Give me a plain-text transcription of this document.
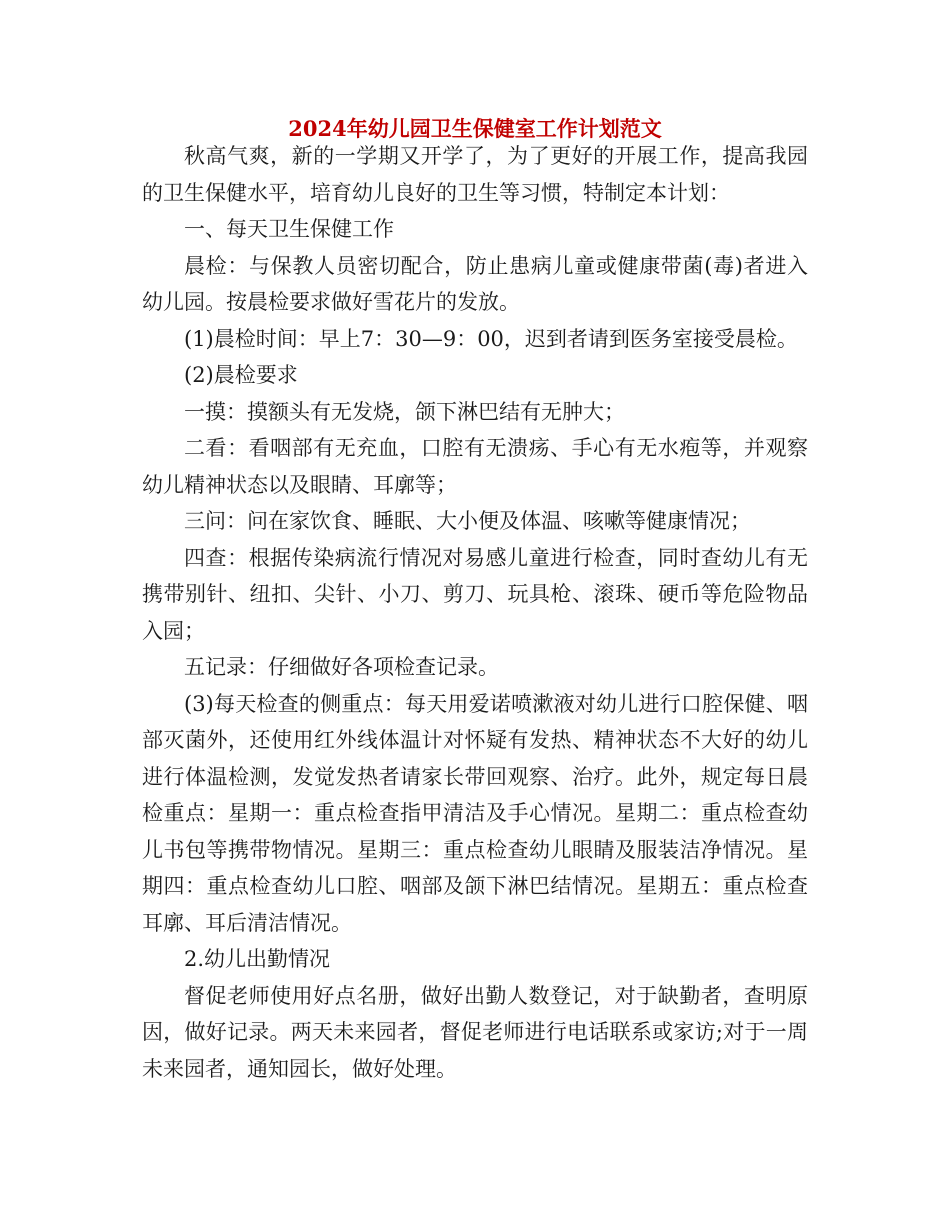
2024年幼儿园卫生保健室工作计划范文

秋高气爽，新的一学期又开学了，为了更好的开展工作，提高我园的卫生保健水平，培育幼儿良好的卫生等习惯，特制定本计划：

一、每天卫生保健工作

晨检：与保教人员密切配合，防止患病儿童或健康带菌(毒)者进入幼儿园。按晨检要求做好雪花片的发放。

(1)晨检时间：早上7：30—9：00，迟到者请到医务室接受晨检。

(2)晨检要求

一摸：摸额头有无发烧，颌下淋巴结有无肿大；

二看：看咽部有无充血，口腔有无溃疡、手心有无水疱等，并观察幼儿精神状态以及眼睛、耳廓等；

三问：问在家饮食、睡眠、大小便及体温、咳嗽等健康情况；

四查：根据传染病流行情况对易感儿童进行检查，同时查幼儿有无携带别针、纽扣、尖针、小刀、剪刀、玩具枪、滚珠、硬币等危险物品入园；

五记录：仔细做好各项检查记录。

(3)每天检查的侧重点：每天用爱诺喷漱液对幼儿进行口腔保健、咽部灭菌外，还使用红外线体温计对怀疑有发热、精神状态不大好的幼儿进行体温检测，发觉发热者请家长带回观察、治疗。此外，规定每日晨检重点：星期一：重点检查指甲清洁及手心情况。星期二：重点检查幼儿书包等携带物情况。星期三：重点检查幼儿眼睛及服装洁净情况。星期四：重点检查幼儿口腔、咽部及颌下淋巴结情况。星期五：重点检查耳廓、耳后清洁情况。

2.幼儿出勤情况

督促老师使用好点名册，做好出勤人数登记，对于缺勤者，查明原因，做好记录。两天未来园者，督促老师进行电话联系或家访;对于一周未来园者，通知园长，做好处理。
